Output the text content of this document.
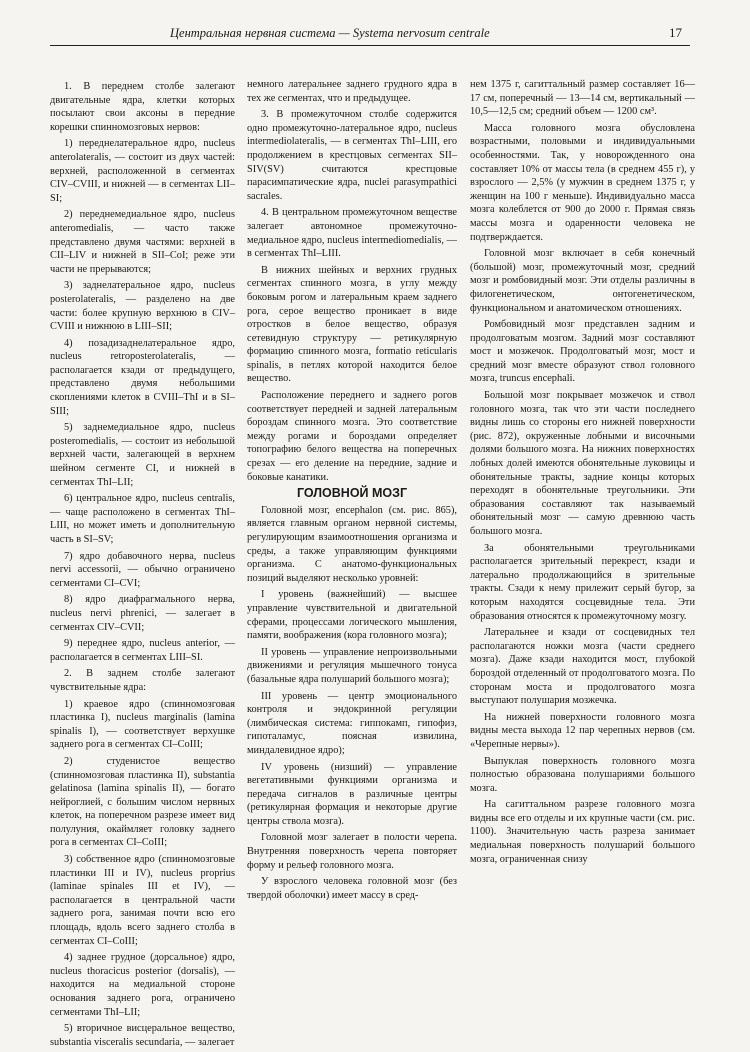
Центральная нервная система — Systema nervosum centrale	17

1. В переднем столбе залегают двигательные ядра, клетки которых посылают свои аксоны в передние корешки спинномозговых нервов:

1) переднелатеральное ядро, nucleus anterolateralis, — состоит из двух частей: верхней, расположенной в сегментах CIV–CVIII, и нижней — в сегментах LII–SI;

2) переднемедиальное ядро, nucleus anteromedialis, — часто также представлено двумя частями: верхней в CII–LIV и нижней в SII–CoI; реже эти части не прерываются;

3) заднелатеральное ядро, nucleus posterolateralis, — разделено на две части: более крупную верхнюю в CIV–CVIII и нижнюю в LIII–SII;

4) позадизаднелатеральное ядро, nucleus retroposterolateralis, — располагается кзади от предыдущего, представлено двумя небольшими скоплениями клеток в CVIII–ThI и в SI–SIII;

5) заднемедиальное ядро, nucleus posteromedialis, — состоит из небольшой верхней части, залегающей в верхнем шейном сегменте CI, и нижней в сегментах ThI–LII;

6) центральное ядро, nucleus centralis, — чаще расположено в сегментах ThI–LIII, но может иметь и дополнительную часть в SI–SV;

7) ядро добавочного нерва, nucleus nervi accessorii, — обычно ограничено сегментами CI–CVI;

8) ядро диафрагмального нерва, nucleus nervi phrenici, — залегает в сегментах CIV–CVII;

9) переднее ядро, nucleus anterior, — располагается в сегментах LIII–SI.

2. В заднем столбе залегают чувствительные ядра:

1) краевое ядро (спинномозговая пластинка I), nucleus marginalis (lamina spinalis I), — соответствует верхушке заднего рога в сегментах CI–CoIII;

2) студенистое вещество (спинномозговая пластинка II), substantia gelatinosa (lamina spinalis II), — богато нейроглией, с большим числом нервных клеток, на поперечном разрезе имеет вид полулуния, окаймляет головку заднего рога в сегментах CI–CoIII;

3) собственное ядро (спинномозговые пластинки III и IV), nucleus proprius (laminae spinales III et IV), — располагается в центральной части заднего рога, занимая почти всю его площадь, вдоль всего заднего столба в сегментах CI–CoIII;

4) заднее грудное (дорсальное) ядро, nucleus thoracicus posterior (dorsalis), — находится на медиальной стороне основания заднего рога, ограничено сегментами ThI–LII;

5) вторичное висцеральное вещество, substantia visceralis secundaria, — залегает

немного латеральнее заднего грудного ядра в тех же сегментах, что и предыдущее.

3. В промежуточном столбе содержится одно промежуточно-латеральное ядро, nucleus intermediolateralis, — в сегментах ThI–LIII, его продолжением в крестцовых сегментах SII–SIV(SV) считаются крестцовые парасимпатические ядра, nuclei parasympathici sacrales.

4. В центральном промежуточном веществе залегает автономное промежуточно-медиальное ядро, nucleus intermediomedialis, — в сегментах ThI–LIII.

В нижних шейных и верхних грудных сегментах спинного мозга, в углу между боковым рогом и латеральным краем заднего рога, серое вещество проникает в виде отростков в белое вещество, образуя сетевидную структуру — ретикулярную формацию спинного мозга, formatio reticularis spinalis, в петлях которой находится белое вещество.

Расположение переднего и заднего рогов соответствует передней и задней латеральным бороздам спинного мозга. Это соответствие между рогами и бороздами определяет топографию белого вещества на поперечных срезах — его деление на передние, задние и боковые канатики.

ГОЛОВНОЙ МОЗГ

Головной мозг, encephalon (см. рис. 865), является главным органом нервной системы, регулирующим взаимоотношения организма и среды, а также управляющим функциями организма. С анатомо-функциональных позиций выделяют несколько уровней:

I уровень (важнейший) — высшее управление чувствительной и двигательной сферами, процессами логического мышления, памяти, воображения (кора головного мозга);

II уровень — управление непроизвольными движениями и регуляция мышечного тонуса (базальные ядра полушарий большого мозга);

III уровень — центр эмоционального контроля и эндокринной регуляции (лимбическая система: гиппокамп, гипофиз, гипоталамус, поясная извилина, миндалевидное ядро);

IV уровень (низший) — управление вегетативными функциями организма и передача сигналов в различные центры (ретикулярная формация и некоторые другие центры ствола мозга).

Головной мозг залегает в полости черепа. Внутренняя поверхность черепа повторяет форму и рельеф головного мозга.

У взрослого человека головной мозг (без твердой оболочки) имеет массу в сред-

нем 1375 г, сагиттальный размер составляет 16—17 см, поперечный — 13—14 см, вертикальный — 10,5—12,5 см; средний объем — 1200 см³.

Масса головного мозга обусловлена возрастными, половыми и индивидуальными особенностями. Так, у новорожденного она составляет 10% от массы тела (в среднем 455 г), у взрослого — 2,5% (у мужчин в среднем 1375 г, у женщин на 100 г меньше). Индивидуально масса мозга колеблется от 900 до 2000 г. Прямая связь массы мозга и одаренности человека не подтверждается.

Головной мозг включает в себя конечный (большой) мозг, промежуточный мозг, средний мозг и ромбовидный мозг. Эти отделы различны в филогенетическом, онтогенетическом, функциональном и анатомическом отношениях.

Ромбовидный мозг представлен задним и продолговатым мозгом. Задний мозг составляют мост и мозжечок. Продолговатый мозг, мост и средний мозг вместе образуют ствол головного мозга, truncus encephali.

Большой мозг покрывает мозжечок и ствол головного мозга, так что эти части последнего видны лишь со стороны его нижней поверхности (рис. 872), окруженные лобными и височными долями большого мозга. На нижних поверхностях лобных долей имеются обонятельные луковицы и обонятельные тракты, задние концы которых переходят в обонятельные треугольники. Эти образования составляют так называемый обонятельный мозг — самую древнюю часть большого мозга.

За обонятельными треугольниками располагается зрительный перекрест, кзади и латерально продолжающийся в зрительные тракты. Сзади к нему прилежит серый бугор, за которым находятся сосцевидные тела. Эти образования относятся к промежуточному мозгу.

Латеральнее и кзади от сосцевидных тел располагаются ножки мозга (части среднего мозга). Даже кзади находится мост, глубокой бороздой отделенный от продолговатого мозга. По сторонам моста и продолговатого мозга выступают полушария мозжечка.

На нижней поверхности головного мозга видны места выхода 12 пар черепных нервов (см. «Черепные нервы»).

Выпуклая поверхность головного мозга полностью образована полушариями большого мозга.

На сагиттальном разрезе головного мозга видны все его отделы и их крупные части (см. рис. 1100). Значительную часть разреза занимает медиальная поверхность полушарий большого мозга, ограниченная снизу
